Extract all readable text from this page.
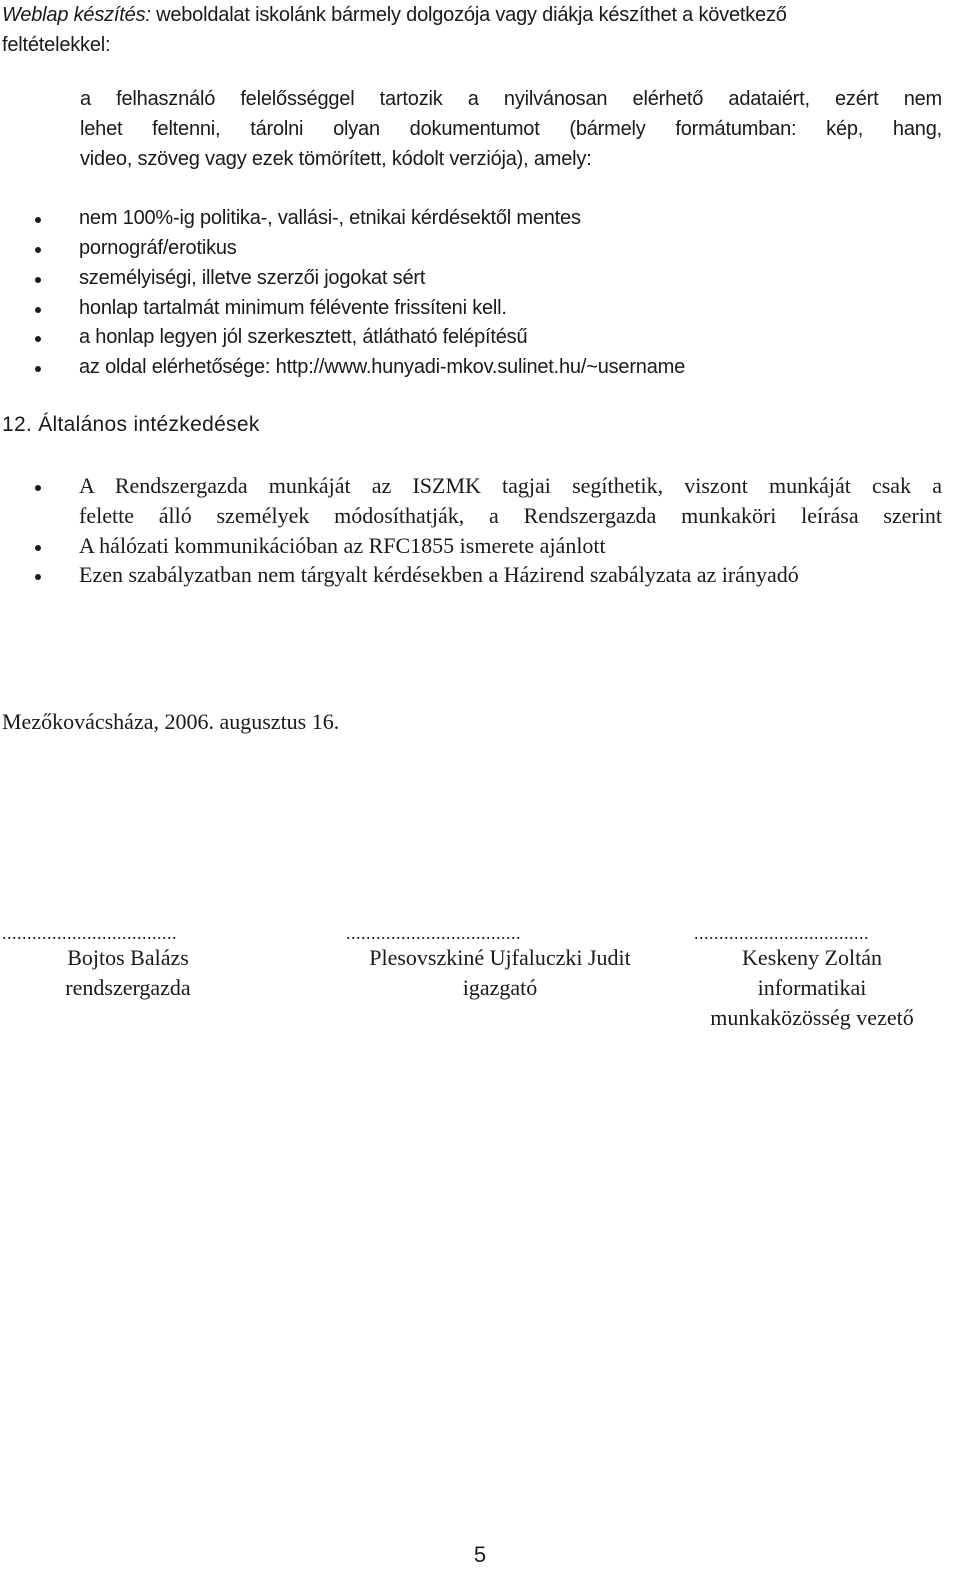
Weblap készítés: weboldalat iskolánk bármely dolgozója vagy diákja készíthet a következő
feltételekkel:
a felhasználó felelősséggel tartozik a nyilvánosan elérhető adataiért, ezért nem
lehet feltenni, tárolni olyan dokumentumot (bármely formátumban: kép, hang,
video, szöveg vagy ezek tömörített, kódolt verziója), amely:
nem 100%-ig politika-, vallási-, etnikai kérdésektől mentes
pornográf/erotikus
személyiségi, illetve szerzői jogokat sért
honlap tartalmát minimum félévente frissíteni kell.
a honlap legyen jól szerkesztett, átlátható felépítésű
az oldal elérhetősége: http://www.hunyadi-mkov.sulinet.hu/~username
12. Általános intézkedések
A Rendszergazda munkáját az ISZMK tagjai segíthetik, viszont munkáját csak a
felette álló személyek módosíthatják, a Rendszergazda munkaköri leírása szerint
A hálózati kommunikációban az RFC1855 ismerete ajánlott
Ezen szabályzatban nem tárgyalt kérdésekben a Házirend szabályzata az irányadó
Mezőkovácsháza, 2006. augusztus 16.
...................................	...................................	...................................
Bojtos Balázs
rendszergazda
Plesovszkiné Ujfaluczki Judit
igazgató
Keskeny Zoltán
informatikai
munkaközösség vezető
5
